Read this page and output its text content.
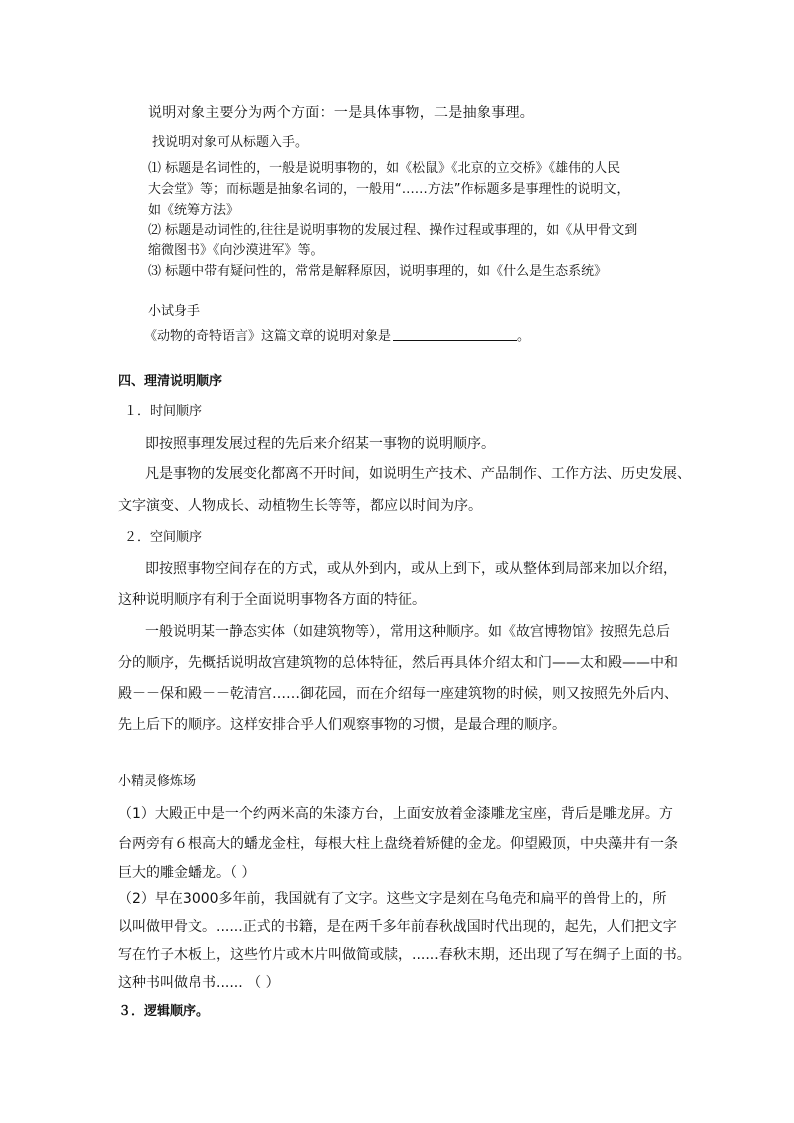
说明对象主要分为两个方面：一是具体事物，二是抽象事理。
找说明对象可从标题入手。
⑴ 标题是名词性的，一般是说明事物的，如《松鼠》《北京的立交桥》《雄伟的人民
大会堂》等；而标题是抽象名词的，一般用“……方法”作标题多是事理性的说明文，
如《统筹方法》
⑵ 标题是动词性的,往往是说明事物的发展过程、操作过程或事理的，如《从甲骨文到
缩微图书》《向沙漠进军》等。
⑶ 标题中带有疑问性的，常常是解释原因，说明事理的，如《什么是生态系统》
小试身手
《动物的奇特语言》这篇文章的说明对象是	。
四、理清说明顺序
１．时间顺序
即按照事理发展过程的先后来介绍某一事物的说明顺序。
凡是事物的发展变化都离不开时间，如说明生产技术、产品制作、工作方法、历史发展、
文字演变、人物成长、动植物生长等等，都应以时间为序。
２．空间顺序
即按照事物空间存在的方式，或从外到内，或从上到下，或从整体到局部来加以介绍，
这种说明顺序有利于全面说明事物各方面的特征。
一般说明某一静态实体（如建筑物等），常用这种顺序。如《故宫博物馆》按照先总后
分的顺序，先概括说明故宫建筑物的总体特征，然后再具体介绍太和门——太和殿——中和
殿－－保和殿－－乾清宫……御花园，而在介绍每一座建筑物的时候，则又按照先外后内、
先上后下的顺序。这样安排合乎人们观察事物的习惯，是最合理的顺序。
小精灵修炼场
（1）大殿正中是一个约两米高的朱漆方台，上面安放着金漆雕龙宝座，背后是雕龙屏。方
台两旁有６根高大的蟠龙金柱，每根大柱上盘绕着矫健的金龙。仰望殿顶，中央藻井有一条
巨大的雕金蟠龙。（ ）
（2）早在3000多年前，我国就有了文字。这些文字是刻在乌龟壳和扁平的兽骨上的，所
以叫做甲骨文。......正式的书籍，是在两千多年前春秋战国时代出现的，起先，人们把文字
写在竹子木板上，这些竹片或木片叫做简或牍，......春秋末期，还出现了写在绸子上面的书。
这种书叫做帛书...... （ ）
３．逻辑顺序。
